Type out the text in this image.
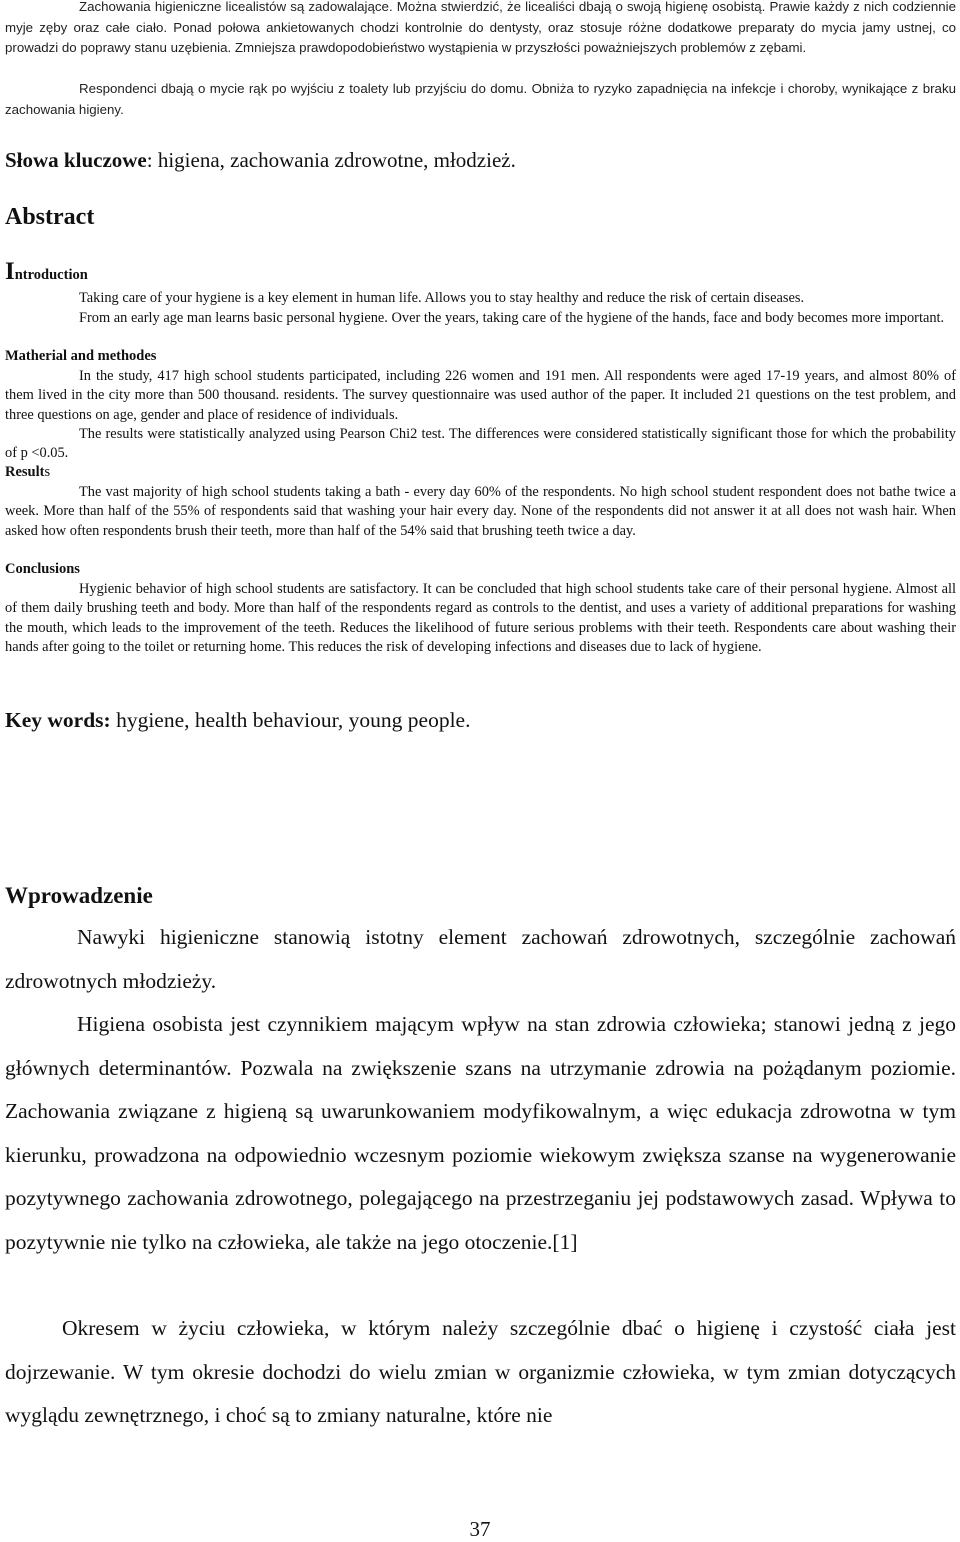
Zachowania higieniczne licealistów są zadowalające. Można stwierdzić, że licealiści dbają o swoją higienę osobistą. Prawie każdy z nich codziennie myje zęby oraz całe ciało. Ponad połowa ankietowanych chodzi kontrolnie do dentysty, oraz stosuje różne dodatkowe preparaty do mycia jamy ustnej, co prowadzi do poprawy stanu uzębienia. Zmniejsza prawdopodobieństwo wystąpienia w przyszłości poważniejszych problemów z zębami.

Respondenci dbają o mycie rąk po wyjściu z toalety lub przyjściu do domu. Obniża to ryzyko zapadnięcia na infekcje i choroby, wynikające z braku zachowania higieny.

Słowa kluczowe: higiena, zachowania zdrowotne, młodzież.

Abstract

Introduction

Taking care of your hygiene is a key element in human life. Allows you to stay healthy and reduce the risk of certain diseases.

From an early age man learns basic personal hygiene. Over the years, taking care of the hygiene of the hands, face and body becomes more important.

Matherial and methodes

In the study, 417 high school students participated, including 226 women and 191 men. All respondents were aged 17-19 years, and almost 80% of them lived in the city more than 500 thousand. residents. The survey questionnaire was used author of the paper. It included 21 questions on the test problem, and three questions on age, gender and place of residence of individuals.

The results were statistically analyzed using Pearson Chi2 test. The differences were considered statistically significant those for which the probability of p <0.05.

Results

The vast majority of high school students taking a bath - every day 60% of the respondents. No high school student respondent does not bathe twice a week. More than half of the 55% of respondents said that washing your hair every day. None of the respondents did not answer it at all does not wash hair. When asked how often respondents brush their teeth, more than half of the 54% said that brushing teeth twice a day.

Conclusions

Hygienic behavior of high school students are satisfactory. It can be concluded that high school students take care of their personal hygiene. Almost all of them daily brushing teeth and body. More than half of the respondents regard as controls to the dentist, and uses a variety of additional preparations for washing the mouth, which leads to the improvement of the teeth. Reduces the likelihood of future serious problems with their teeth. Respondents care about washing their hands after going to the toilet or returning home. This reduces the risk of developing infections and diseases due to lack of hygiene.

Key words: hygiene, health behaviour, young people.

Wprowadzenie

Nawyki higieniczne stanowią istotny element zachowań zdrowotnych, szczególnie zachowań zdrowotnych młodzieży.

Higiena osobista jest czynnikiem mającym wpływ na stan zdrowia człowieka; stanowi jedną z jego głównych determinantów. Pozwala na zwiększenie szans na utrzymanie zdrowia na pożądanym poziomie. Zachowania związane z higieną są uwarunkowaniem modyfikowalnym, a więc edukacja zdrowotna w tym kierunku, prowadzona na odpowiednio wczesnym poziomie wiekowym zwiększa szanse na wygenerowanie pozytywnego zachowania zdrowotnego, polegającego na przestrzeganiu jej podstawowych zasad. Wpływa to pozytywnie nie tylko na człowieka, ale także na jego otoczenie.[1]

Okresem w życiu człowieka, w którym należy szczególnie dbać o higienę i czystość ciała jest dojrzewanie. W tym okresie dochodzi do wielu zmian w organizmie człowieka, w tym zmian dotyczących wyglądu zewnętrznego, i choć są to zmiany naturalne, które nie

37
